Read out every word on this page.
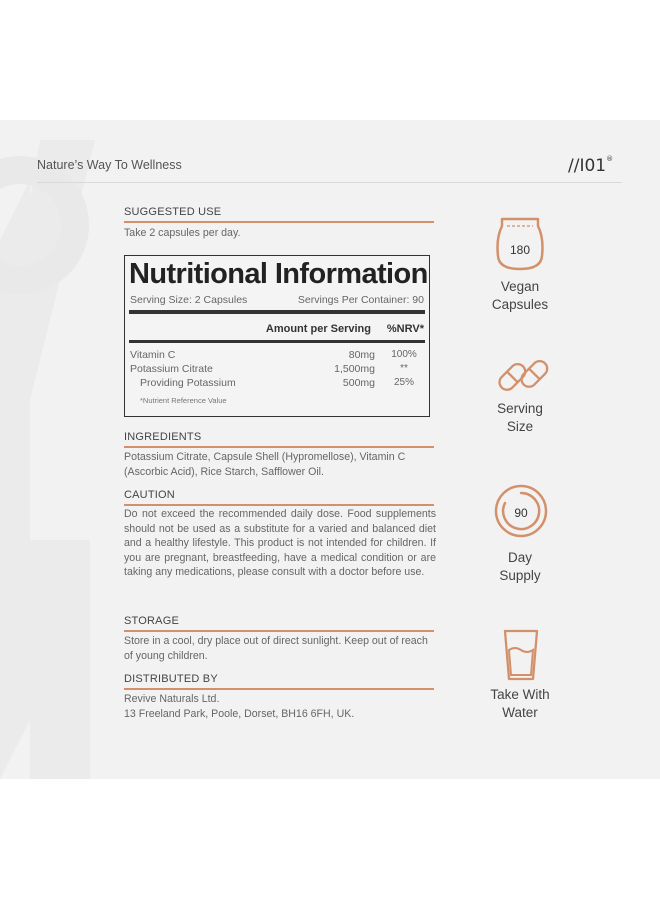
Nature’s Way To Wellness	//Ι01®
SUGGESTED USE
Take 2 capsules per day.
Nutritional Information
Serving Size: 2 Capsules	Servings Per Container: 90
Amount per Serving %NRV*
Vitamin C	80mg	100%
Potassium Citrate	1,500mg	**
Providing Potassium	500mg	25%
*Nutrient Reference Value
INGREDIENTS
Potassium Citrate, Capsule Shell (Hypromellose), Vitamin C (Ascorbic Acid), Rice Starch, Safflower Oil.
CAUTION
Do not exceed the recommended daily dose. Food supplements should not be used as a substitute for a varied and balanced diet and a healthy lifestyle. This product is not intended for children. If you are pregnant, breastfeeding, have a medical condition or are taking any medications, please consult with a doctor before use.
STORAGE
Store in a cool, dry place out of direct sunlight. Keep out of reach of young children.
DISTRIBUTED BY
Revive Naturals Ltd.
13 Freeland Park, Poole, Dorset, BH16 6FH, UK.
180
Vegan
Capsules
Serving
Size
90
Day
Supply
Take With
Water
